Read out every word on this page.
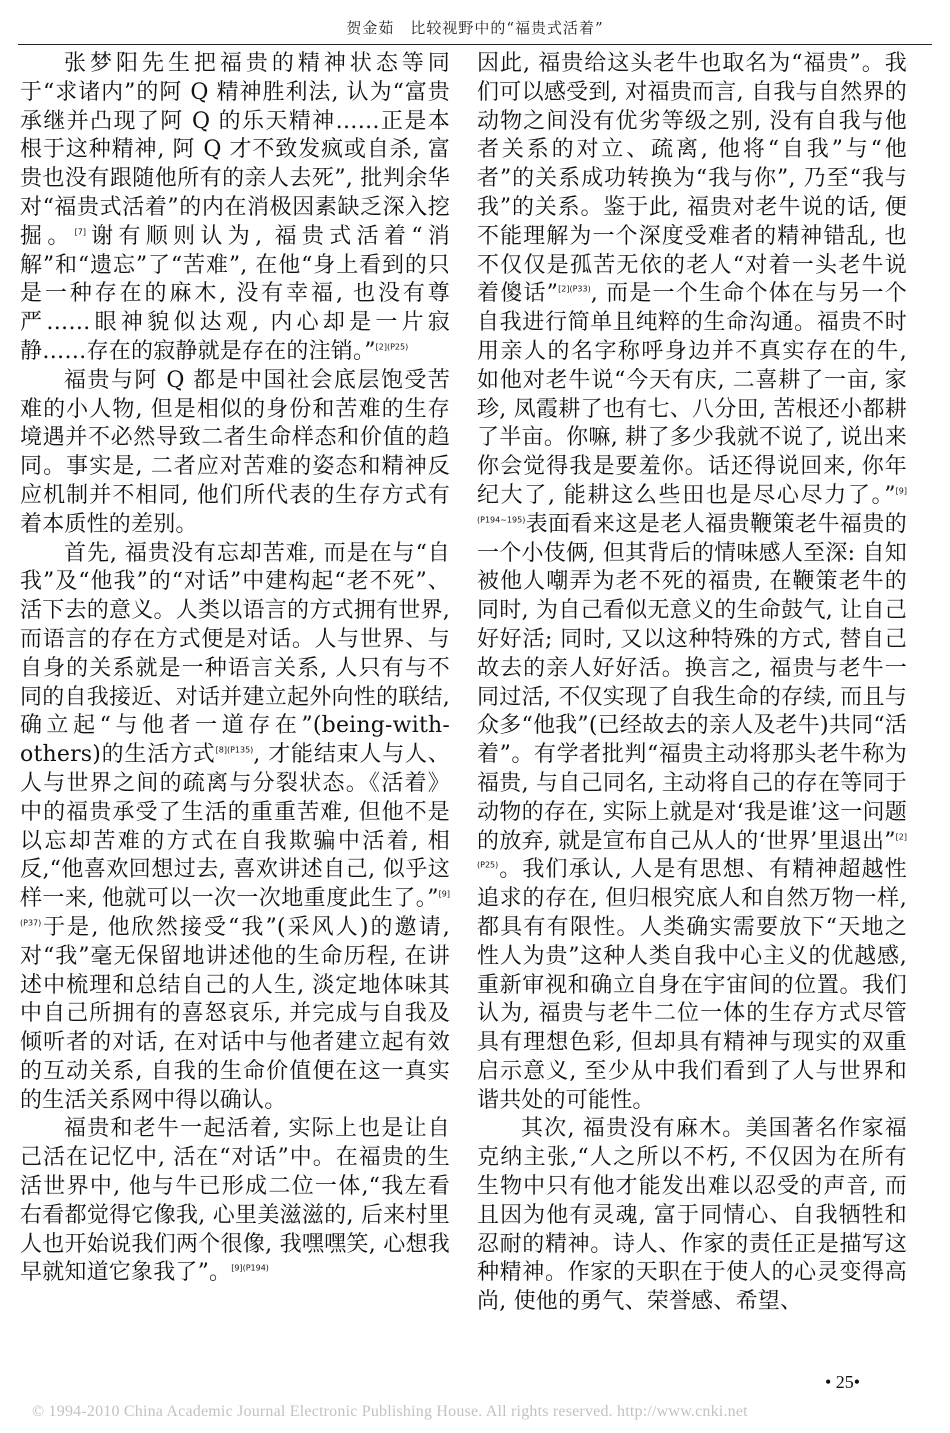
贺金茹　比较视野中的“福贵式活着”

张梦阳先生把福贵的精神状态等同于“求诸内”的阿 Q 精神胜利法, 认为“富贵承继并凸现了阿 Q 的乐天精神……正是本根于这种精神, 阿 Q 才不致发疯或自杀, 富贵也没有跟随他所有的亲人去死”, 批判余华对“福贵式活着”的内在消极因素缺乏深入挖掘。[7]谢有顺则认为, 福贵式活着“消解”和“遗忘”了“苦难”, 在他“身上看到的只是一种存在的麻木, 没有幸福, 也没有尊严……眼神貌似达观, 内心却是一片寂静……存在的寂静就是存在的注销。”$^{[2](P25)}$

福贵与阿 Q 都是中国社会底层饱受苦难的小人物, 但是相似的身份和苦难的生存境遇并不必然导致二者生命样态和价值的趋同。事实是, 二者应对苦难的姿态和精神反应机制并不相同, 他们所代表的生存方式有着本质性的差别。

首先, 福贵没有忘却苦难, 而是在与“自我”及“他我”的“对话”中建构起“老不死”、活下去的意义。人类以语言的方式拥有世界, 而语言的存在方式便是对话。人与世界、与自身的关系就是一种语言关系, 人只有与不同的自我接近、对话并建立起外向性的联结, 确立起“与他者一道存在”(being-with-others)的生活方式$^{[8](P135)}$, 才能结束人与人、人与世界之间的疏离与分裂状态。《活着》中的福贵承受了生活的重重苦难, 但他不是以忘却苦难的方式在自我欺骗中活着, 相反,“他喜欢回想过去, 喜欢讲述自己, 似乎这样一来, 他就可以一次一次地重度此生了。”$^{[9](P37)}$于是, 他欣然接受“我”(采风人)的邀请, 对“我”毫无保留地讲述他的生命历程, 在讲述中梳理和总结自己的人生, 淡定地体味其中自己所拥有的喜怒哀乐, 并完成与自我及倾听者的对话, 在对话中与他者建立起有效的互动关系, 自我的生命价值便在这一真实的生活关系网中得以确认。

福贵和老牛一起活着, 实际上也是让自己活在记忆中, 活在“对话”中。在福贵的生活世界中, 他与牛已形成二位一体,“我左看右看都觉得它像我, 心里美滋滋的, 后来村里人也开始说我们两个很像, 我嘿嘿笑, 心想我早就知道它象我了”。$^{[9](P194)}$

因此, 福贵给这头老牛也取名为“福贵”。我们可以感受到, 对福贵而言, 自我与自然界的动物之间没有优劣等级之别, 没有自我与他者关系的对立、疏离, 他将“自我”与“他者”的关系成功转换为“我与你”, 乃至“我与我”的关系。鉴于此, 福贵对老牛说的话, 便不能理解为一个深度受难者的精神错乱, 也不仅仅是孤苦无依的老人“对着一头老牛说着傻话”$^{[2](P33)}$, 而是一个生命个体在与另一个自我进行简单且纯粹的生命沟通。福贵不时用亲人的名字称呼身边并不真实存在的牛, 如他对老牛说“今天有庆, 二喜耕了一亩, 家珍, 凤霞耕了也有七、八分田, 苦根还小都耕了半亩。你嘛, 耕了多少我就不说了, 说出来你会觉得我是要羞你。话还得说回来, 你年纪大了, 能耕这么些田也是尽心尽力了。”$^{[9](P194\sim 195)}$表面看来这是老人福贵鞭策老牛福贵的一个小伎俩, 但其背后的情味感人至深: 自知被他人嘲弄为老不死的福贵, 在鞭策老牛的同时, 为自己看似无意义的生命鼓气, 让自己好好活; 同时, 又以这种特殊的方式, 替自己故去的亲人好好活。换言之, 福贵与老牛一同过活, 不仅实现了自我生命的存续, 而且与众多“他我”(已经故去的亲人及老牛)共同“活着”。有学者批判“福贵主动将那头老牛称为福贵, 与自己同名, 主动将自己的存在等同于动物的存在, 实际上就是对‘我是谁’这一问题的放弃, 就是宣布自己从人的‘世界’里退出”$^{[2](P25)}$。我们承认, 人是有思想、有精神超越性追求的存在, 但归根究底人和自然万物一样, 都具有有限性。人类确实需要放下“天地之性人为贵”这种人类自我中心主义的优越感, 重新审视和确立自身在宇宙间的位置。我们认为, 福贵与老牛二位一体的生存方式尽管具有理想色彩, 但却具有精神与现实的双重启示意义, 至少从中我们看到了人与世界和谐共处的可能性。

其次, 福贵没有麻木。美国著名作家福克纳主张,“人之所以不朽, 不仅因为在所有生物中只有他才能发出难以忍受的声音, 而且因为他有灵魂, 富于同情心、自我牺牲和忍耐的精神。诗人、作家的责任正是描写这种精神。作家的天职在于使人的心灵变得高尚, 使他的勇气、荣誉感、希望、

• 25•
© 1994-2010 China Academic Journal Electronic Publishing House. All rights reserved. http://www.cnki.net
